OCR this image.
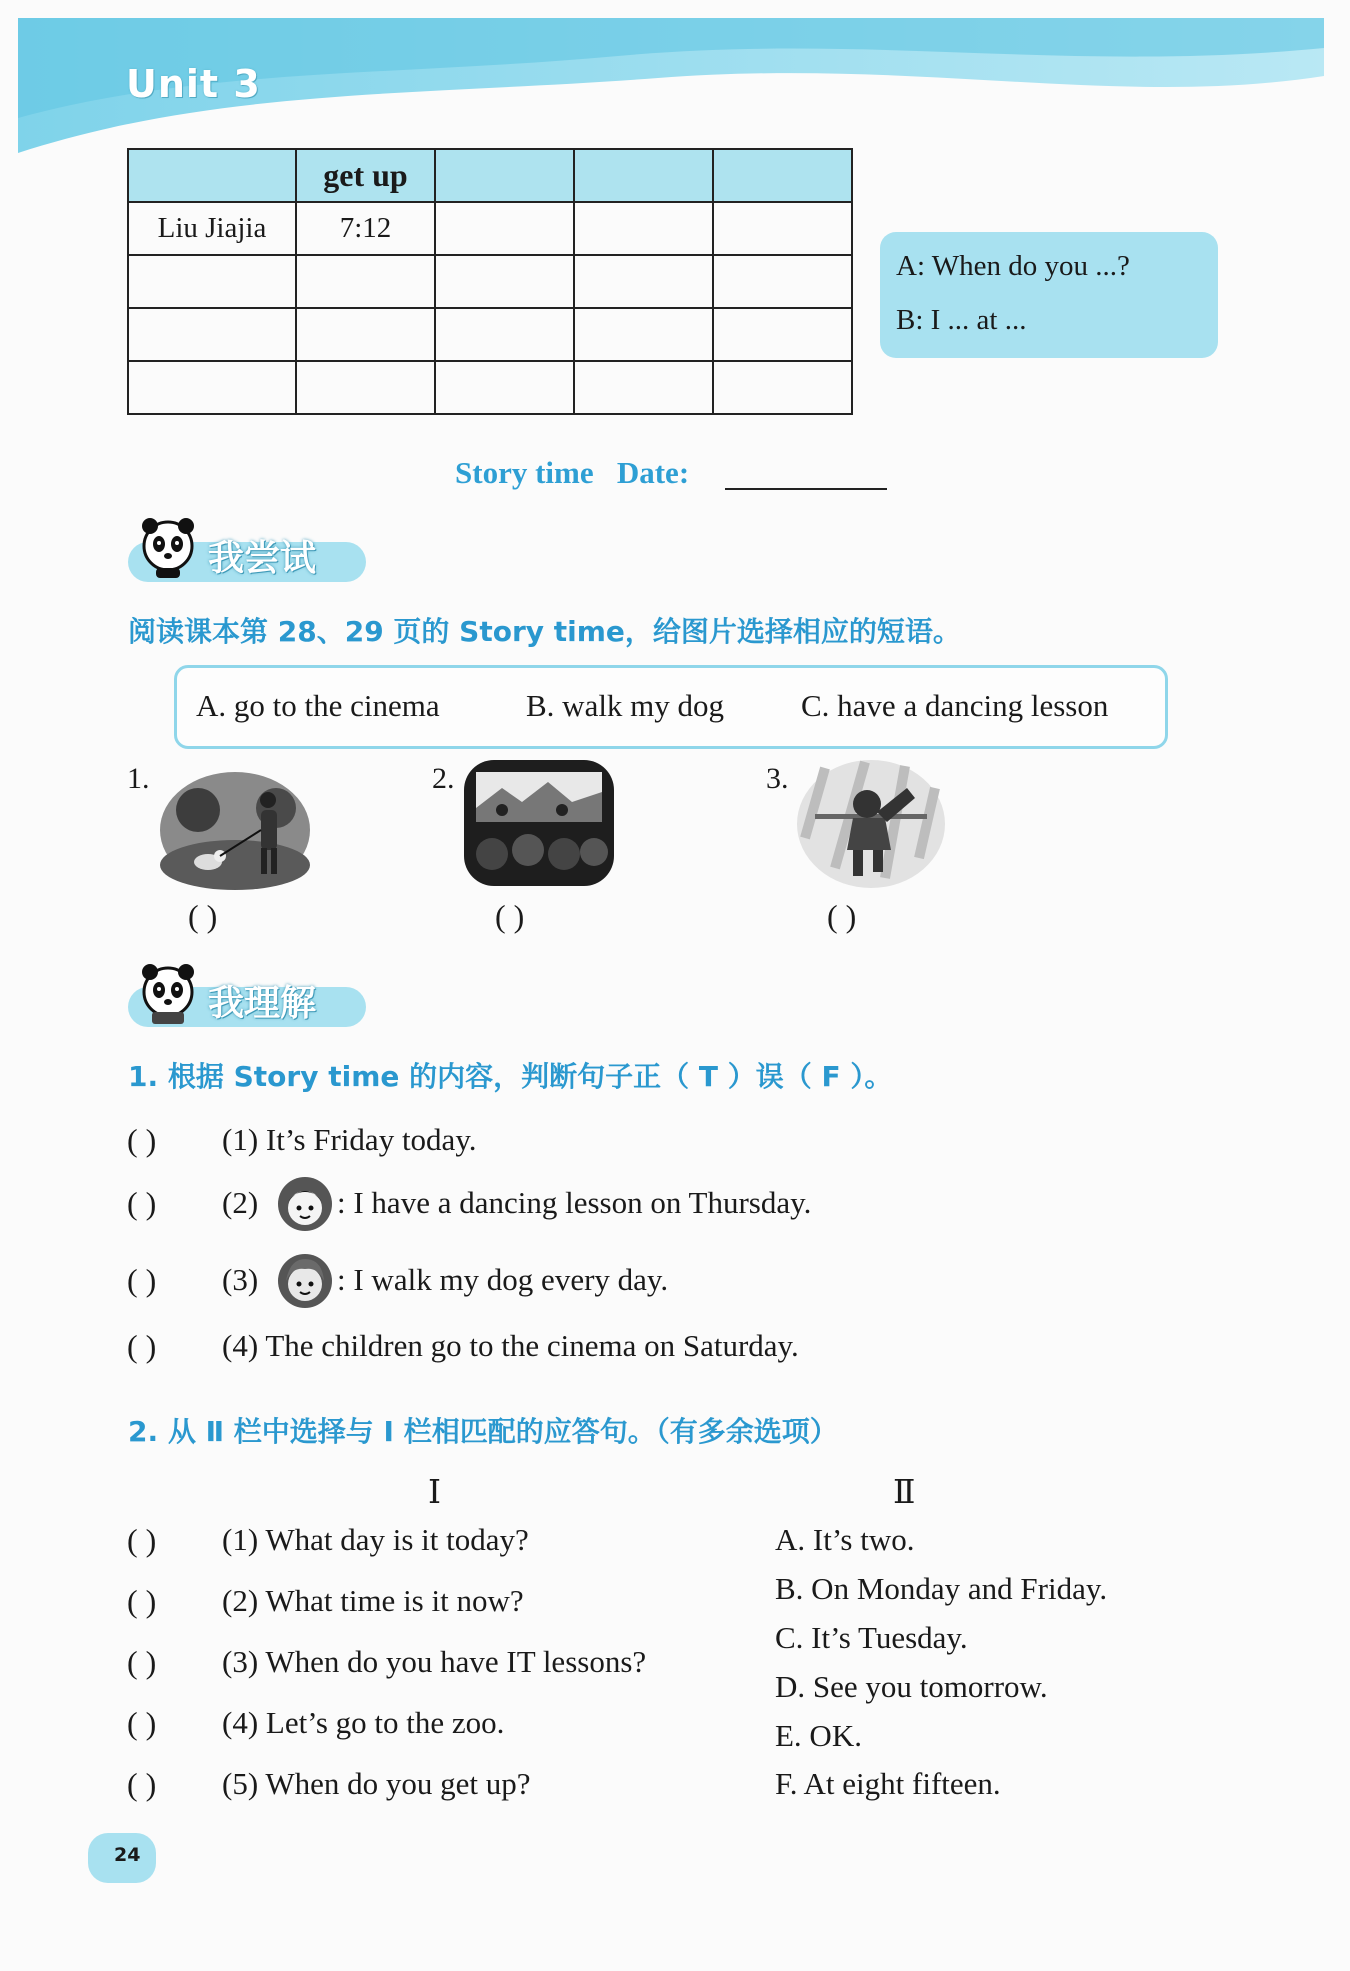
Unit 3
	get up			
Liu Jiajia	7:12			

A: When do you ...?

B: I ... at ...

Story time Date:
我尝试
阅读课本第 28、29 页的 Story time，给图片选择相应的短语。
A. go to the cinema	B. walk my dog C. have a dancing lesson
1.
( )
2.
( )
3.
( )
我理解
1. 根据 Story time 的内容，判断句子正（ T ）误（ F ）。
( ) (1) It’s Friday today.
( ) (2)	: I have a dancing lesson on Thursday.
( ) (3)	: I walk my dog every day.
( ) (4) The children go to the cinema on Saturday.
2. 从 Ⅱ 栏中选择与 Ⅰ 栏相匹配的应答句。（有多余选项）
Ⅰ	Ⅱ
( ) (1) What day is it today?
( ) (2) What time is it now?
( ) (3) When do you have IT lessons?
( ) (4) Let’s go to the zoo.
( ) (5) When do you get up?
A. It’s two.
B. On Monday and Friday.
C. It’s Tuesday.
D. See you tomorrow.
E. OK.
F. At eight fifteen.
24
